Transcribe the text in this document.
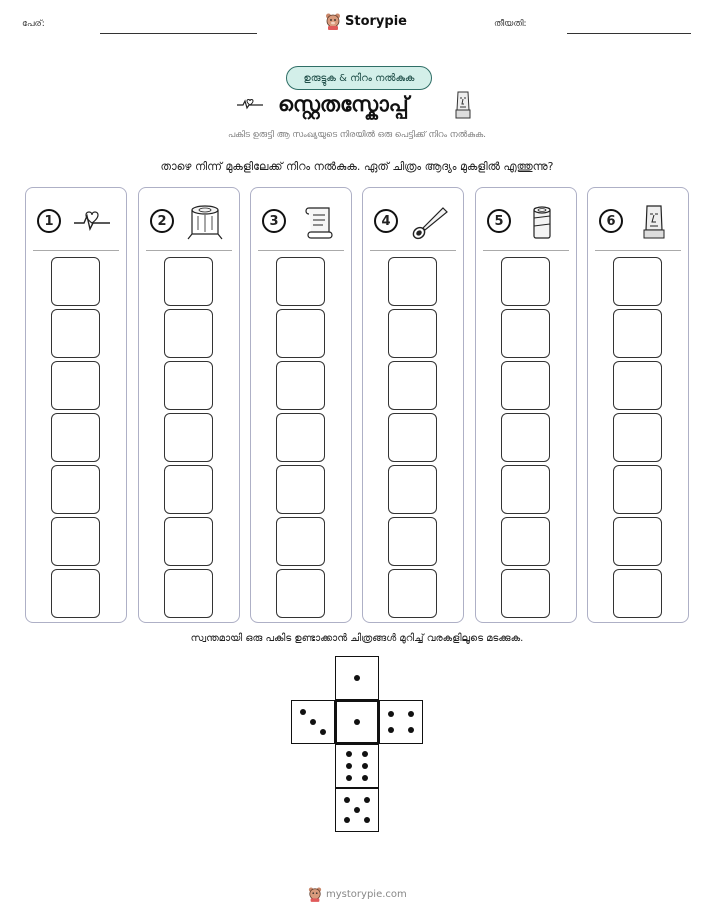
പേര്:	Storypie	തീയതി:
ഉരുട്ടുക & നിറം നൽകുക
സ്റ്റെതസ്കോപ്പ്
പകിട ഉരുട്ടി ആ സംഖ്യയുടെ നിരയിൽ ഒരു പെട്ടിക്ക് നിറം നൽകുക.
താഴെ നിന്ന് മുകളിലേക്ക് നിറം നൽകുക. ഏത് ചിത്രം ആദ്യം മുകളിൽ എത്തുന്നു?
1	2	3	4	5	6
സ്വന്തമായി ഒരു പകിട ഉണ്ടാക്കാൻ ചിത്രങ്ങൾ മുറിച്ച് വരകളിലൂടെ മടക്കുക.
mystorypie.com
